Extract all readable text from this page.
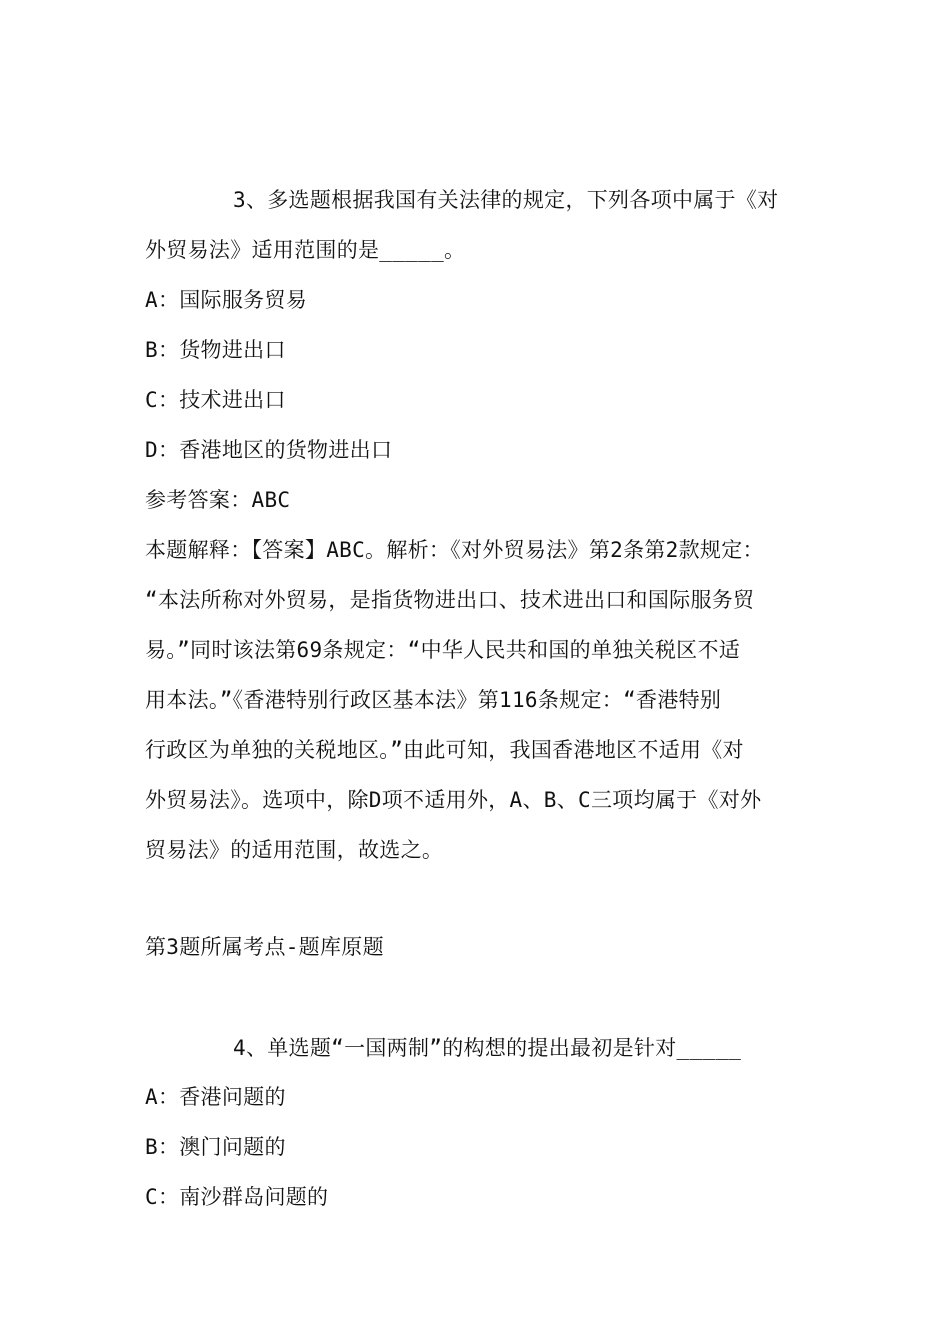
3、多选题根据我国有关法律的规定，下列各项中属于《对
外贸易法》适用范围的是_____。
A：国际服务贸易
B：货物进出口
C：技术进出口
D：香港地区的货物进出口
参考答案：ABC
本题解释：【答案】ABC。解析：《对外贸易法》第2条第2款规定：
“本法所称对外贸易，是指货物进出口、技术进出口和国际服务贸
易。”同时该法第69条规定：“中华人民共和国的单独关税区不适
用本法。”《香港特别行政区基本法》第116条规定：“香港特别
行政区为单独的关税地区。”由此可知，我国香港地区不适用《对
外贸易法》。选项中，除D项不适用外，A、B、C三项均属于《对外
贸易法》的适用范围，故选之。
第3题所属考点-题库原题
4、单选题“一国两制”的构想的提出最初是针对_____
A：香港问题的
B：澳门问题的
C：南沙群岛问题的
